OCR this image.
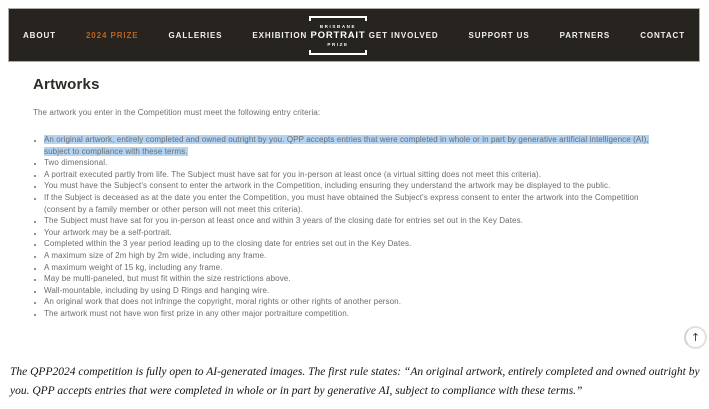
ABOUT	2024 PRIZE	GALLERIES	EXHIBITION
BRISBANE
PORTRAIT
PRIZE
GET INVOLVED	SUPPORT US	PARTNERS	CONTACT
Artworks

The artwork you enter in the Competition must meet the following entry criteria:

• An original artwork, entirely completed and owned outright by you. QPP accepts entries that were completed in whole or in part by generative artificial intelligence (AI), subject to compliance with these terms.
• Two dimensional.
• A portrait executed partly from life. The Subject must have sat for you in-person at least once (a virtual sitting does not meet this criteria).
• You must have the Subject's consent to enter the artwork in the Competition, including ensuring they understand the artwork may be displayed to the public.
• If the Subject is deceased as at the date you enter the Competition, you must have obtained the Subject's express consent to enter the artwork into the Competition (consent by a family member or other person will not meet this criteria).
• The Subject must have sat for you in-person at least once and within 3 years of the closing date for entries set out in the Key Dates.
• Your artwork may be a self-portrait.
• Completed within the 3 year period leading up to the closing date for entries set out in the Key Dates.
• A maximum size of 2m high by 2m wide, including any frame.
• A maximum weight of 15 kg, including any frame.
• May be multi-paneled, but must fit within the size restrictions above.
• Wall-mountable, including by using D Rings and hanging wire.
• An original work that does not infringe the copyright, moral rights or other rights of another person.
• The artwork must not have won first prize in any other major portraiture competition.
↑

The QPP2024 competition is fully open to AI-generated images. The first rule states: “An original artwork, entirely completed and owned outright by you. QPP accepts entries that were completed in whole or in part by generative AI, subject to compliance with these terms.”
